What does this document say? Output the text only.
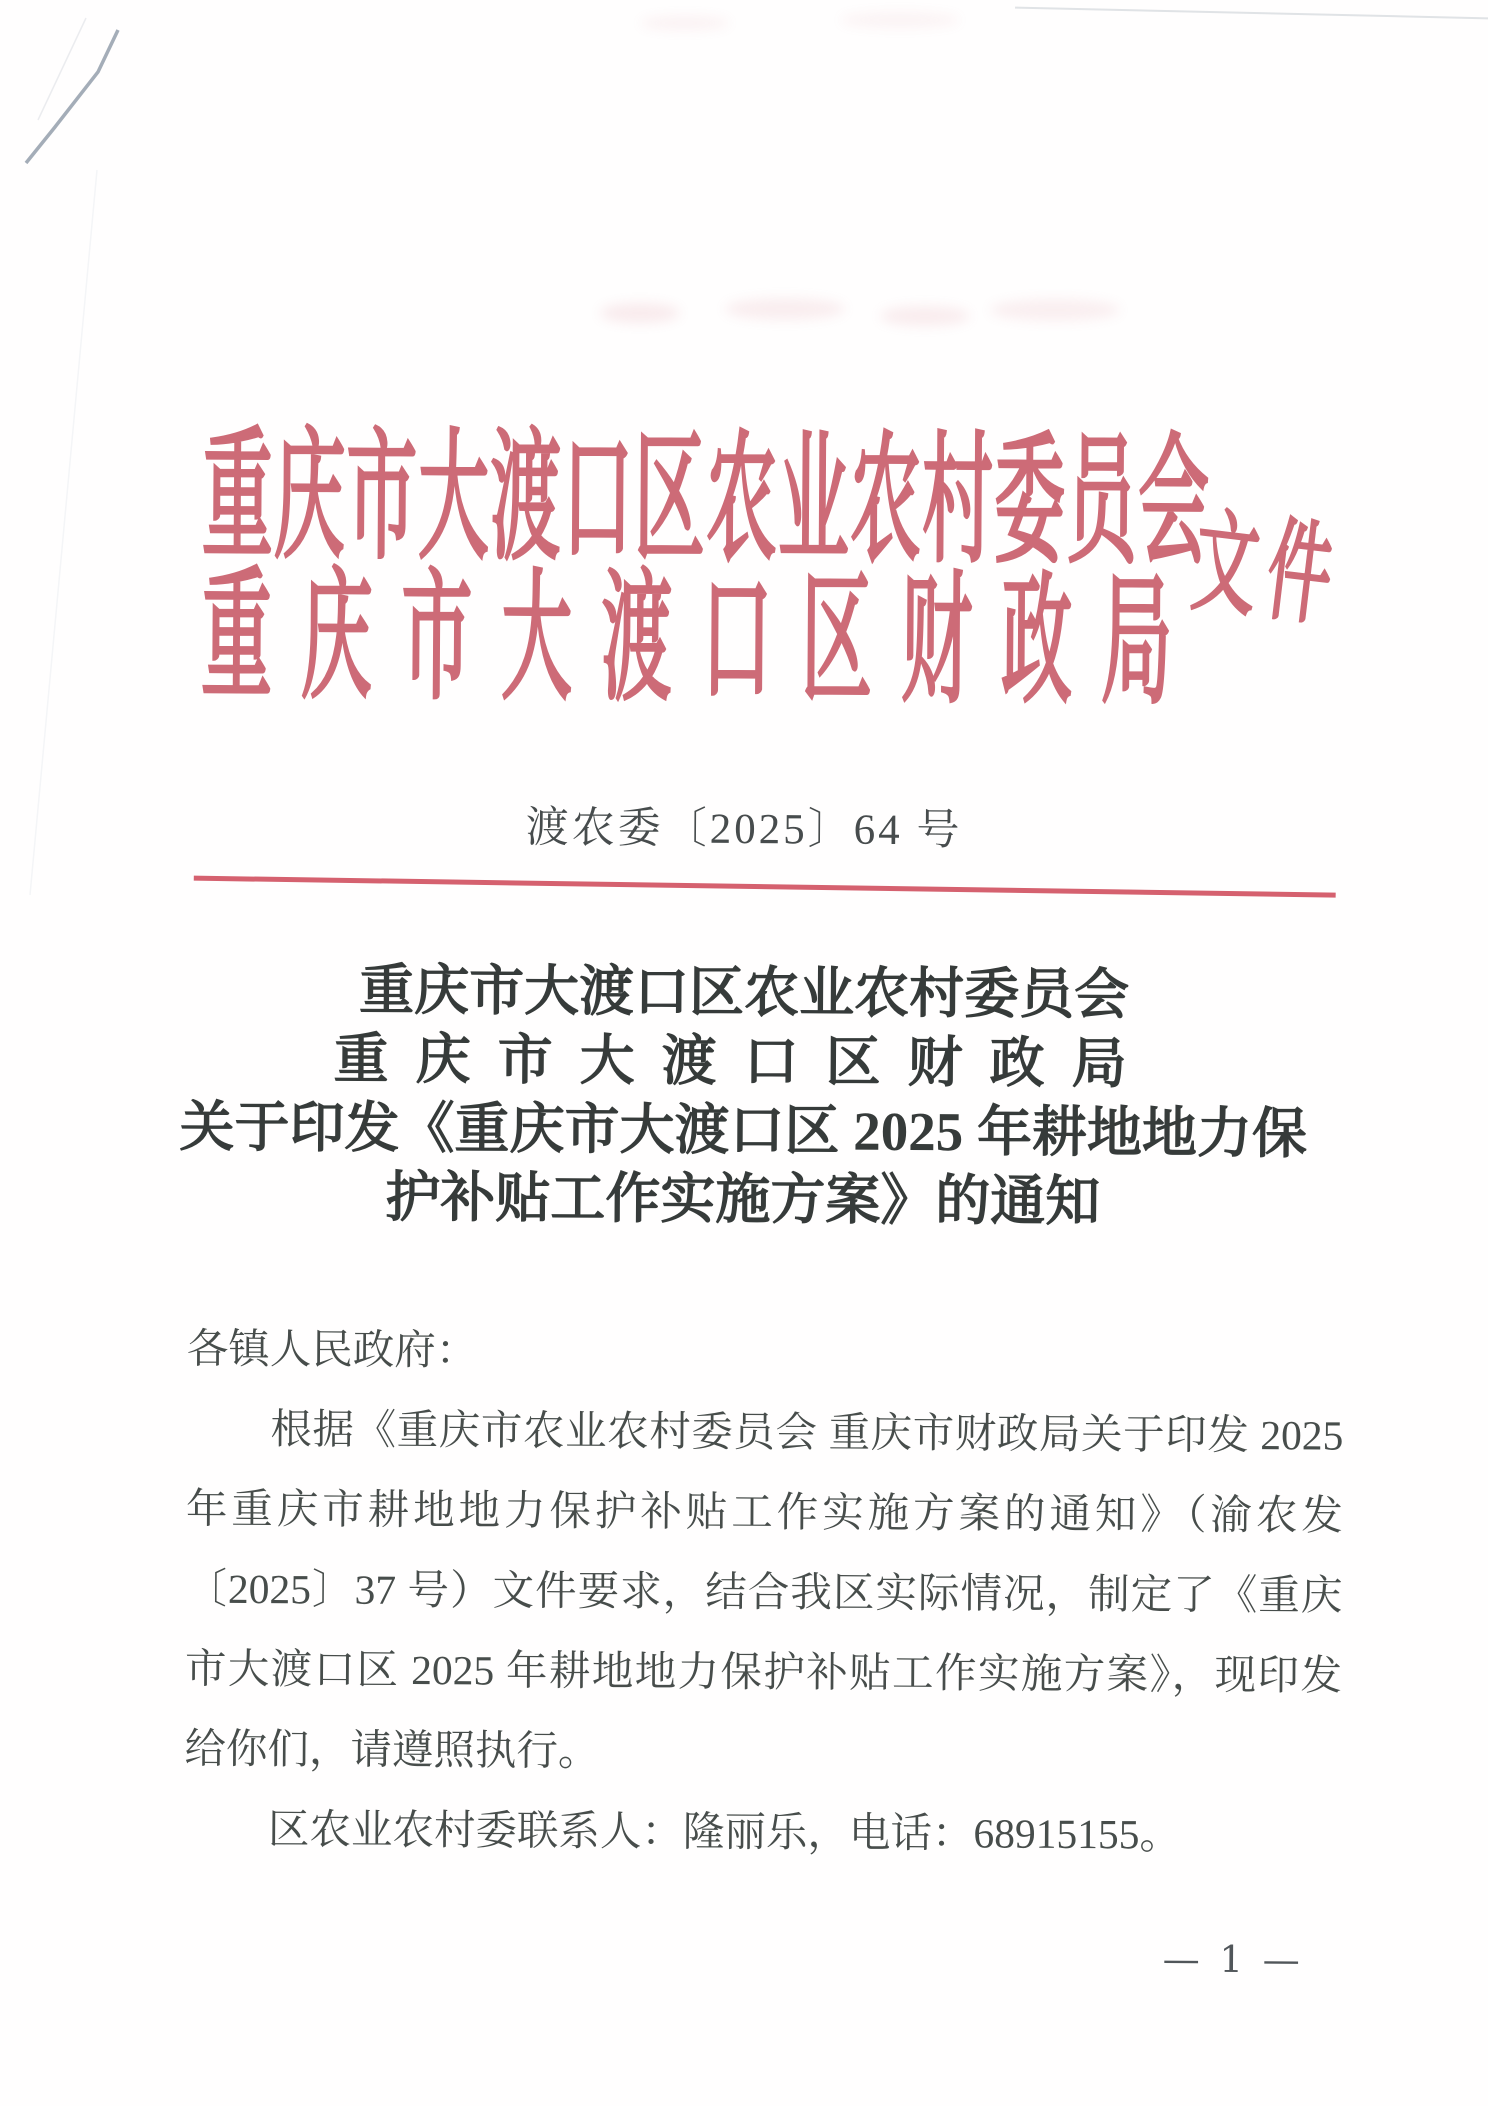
重庆市大渡口区农业农村委员会
重庆市大渡口区财政局
文件
渡农委〔2025〕64 号
重庆市大渡口区农业农村委员会
重庆市大渡口区财政局
关于印发《重庆市大渡口区 2025 年耕地地力保
护补贴工作实施方案》的通知
各镇人民政府：
根据《重庆市农业农村委员会 重庆市财政局关于印发 2025
年重庆市耕地地力保护补贴工作实施方案的通知》（渝农发
〔2025〕37 号）文件要求，结合我区实际情况，制定了《重庆
市大渡口区 2025 年耕地地力保护补贴工作实施方案》，现印发
给你们，请遵照执行。
区农业农村委联系人：隆丽乐，电话：68915155。
— 1 —
